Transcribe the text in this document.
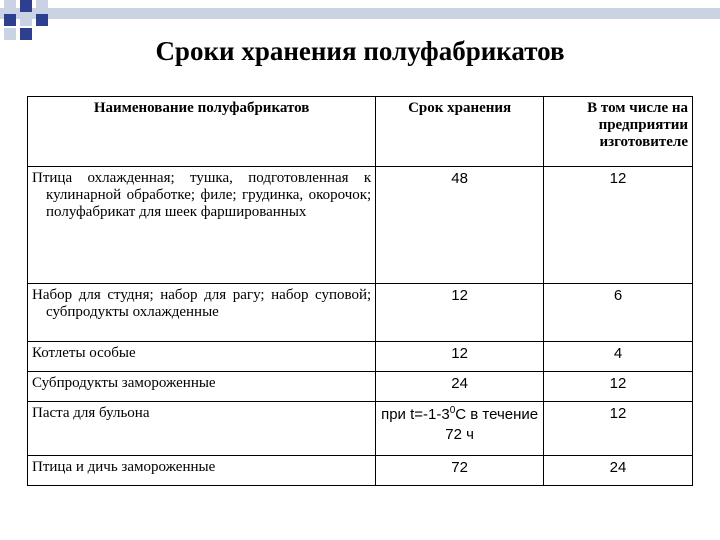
Сроки хранения полуфабрикатов
Наименование полуфабрикатов	Срок хранения	В том числе на предприятии изготовителе

Птица охлажденная; тушка, подготовленная к кулинарной обработке; филе; грудинка, окорочок; полуфабрикат для шеек фаршированных	48	12

Набор для студня; набор для рагу; набор суповой; субпродукты охлажденные	12	6
Котлеты особые	12	4
Субпродукты замороженные	24	12
Паста для бульона	при $t=-1-3^0С$ в течение 72 ч	12
Птица и дичь замороженные	72	24
